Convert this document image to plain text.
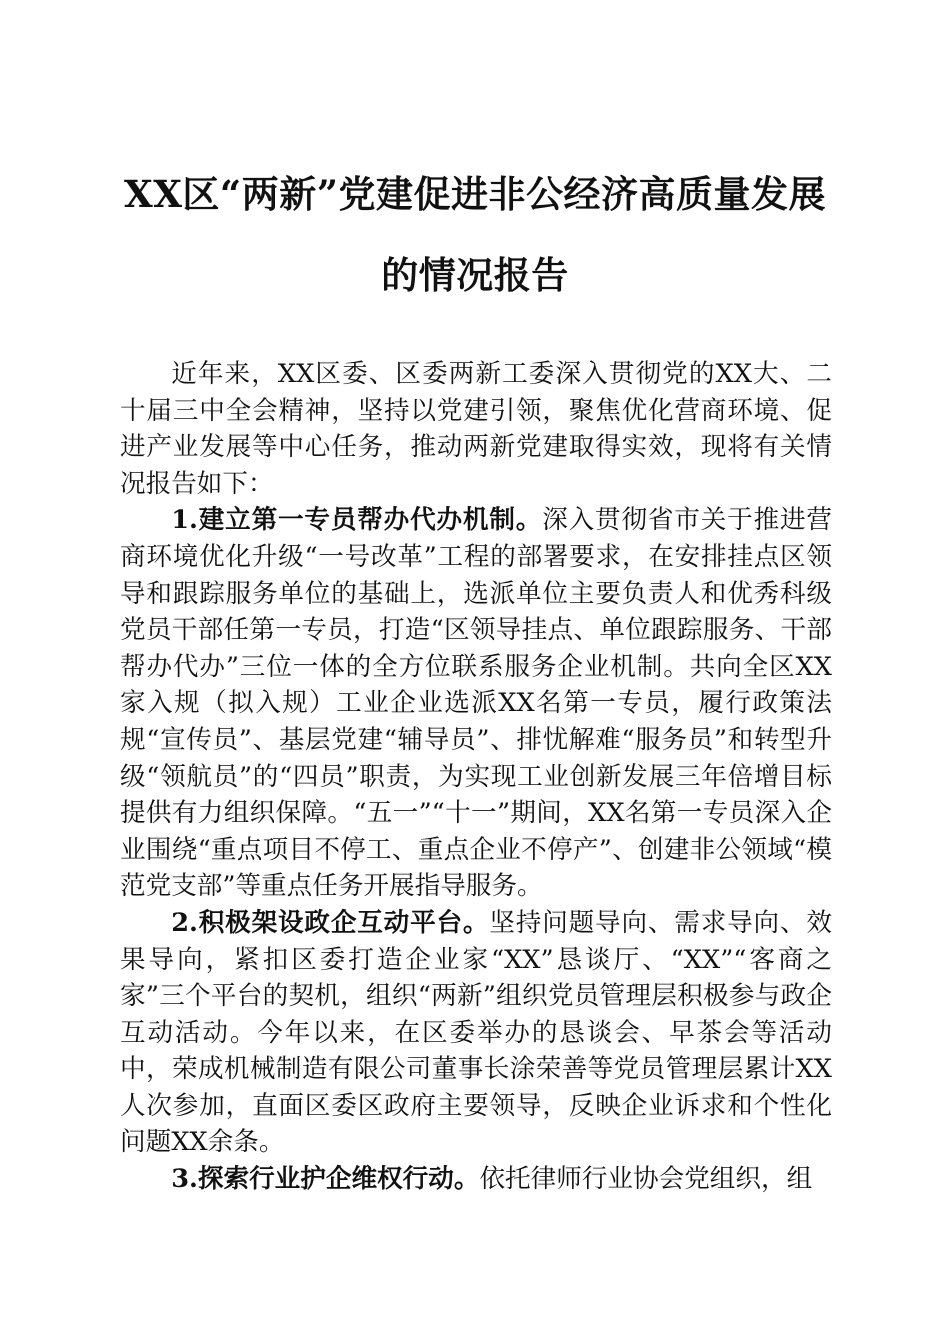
XX区“两新”党建促进非公经济高质量发展
的情况报告

近年来，XX区委、区委两新工委深入贯彻党的XX大、二十届三中全会精神，坚持以党建引领，聚焦优化营商环境、促进产业发展等中心任务，推动两新党建取得实效，现将有关情况报告如下：

1.建立第一专员帮办代办机制。深入贯彻省市关于推进营商环境优化升级“一号改革”工程的部署要求，在安排挂点区领导和跟踪服务单位的基础上，选派单位主要负责人和优秀科级党员干部任第一专员，打造“区领导挂点、单位跟踪服务、干部帮办代办”三位一体的全方位联系服务企业机制。共向全区XX家入规（拟入规）工业企业选派XX名第一专员，履行政策法规“宣传员”、基层党建“辅导员”、排忧解难“服务员”和转型升级“领航员”的“四员”职责，为实现工业创新发展三年倍增目标提供有力组织保障。“五一”“十一”期间，XX名第一专员深入企业围绕“重点项目不停工、重点企业不停产”、创建非公领域“模范党支部”等重点任务开展指导服务。

2.积极架设政企互动平台。坚持问题导向、需求导向、效果导向，紧扣区委打造企业家“XX”恳谈厅、“XX”“客商之家”三个平台的契机，组织“两新”组织党员管理层积极参与政企互动活动。今年以来，在区委举办的恳谈会、早茶会等活动中，荣成机械制造有限公司董事长涂荣善等党员管理层累计XX人次参加，直面区委区政府主要领导，反映企业诉求和个性化问题XX余条。

3.探索行业护企维权行动。依托律师行业协会党组织，组
